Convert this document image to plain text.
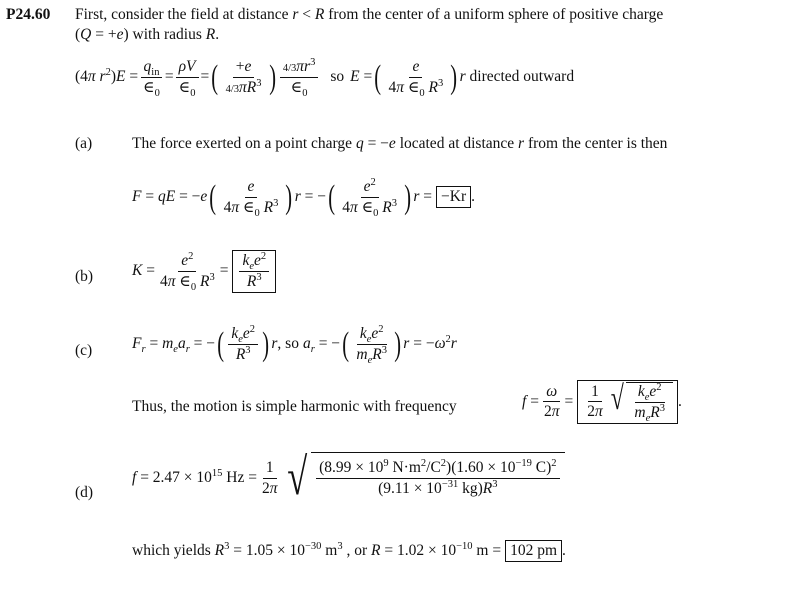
P24.60 First, consider the field at distance r < R from the center of a uniform sphere of positive charge
(Q = +e) with radius R.
(4π $r^2)E = \frac{q_{in}}{\in_0} = \frac{\rho V}{\in_0}$ = ( $\frac{+e}{4/3\pi R^3}$ ) $\frac{4/3\pi r^3}{\in_0}$ so E = ( $\frac{e}{4\pi \in_0 R^3}$ ) r directed outward
(a)	The force exerted on a point charge q = −e located at distance r from the center is then
F = qE = −e ( $\frac{e}{4\pi \in_0 R^3}$ ) r = − ( $\frac{e^2}{4\pi \in_0 R^3}$ ) r = −Kr .
(b)	$K = \frac{e^2}{4\pi \in_0 R^3} = \frac{k_ee^2}{R^3}$
(c)	$F_r = m_ea_r$ = − ( $\frac{k_ee^2}{R^3}$ ) r , so $a_r$ = − ( $\frac{k_ee^2}{m_eR^3}$ ) $r = -\omega^2r$
Thus, the motion is simple harmonic with frequency	$f = \frac{\omega}{2\pi} = \frac{1}{2\pi}$ √ $\frac{k_ee^2}{m_eR^3}$ .
(d)
$f = 2.47 \times 10^{15}$ $Hz = \frac{1}{2\pi}$ √ $\frac{(8.99 \times 10^9 N\cdot m^2/C^2)(1.60 \times 10^{-19} C)^2}{(9.11 \times 10^{-31} kg)R^3}$
which yields $R^3 = 1.05 \times 10^{-30}$ $m^3$ , or $R = 1.02 \times 10^{-10}$ m = 102 pm .
